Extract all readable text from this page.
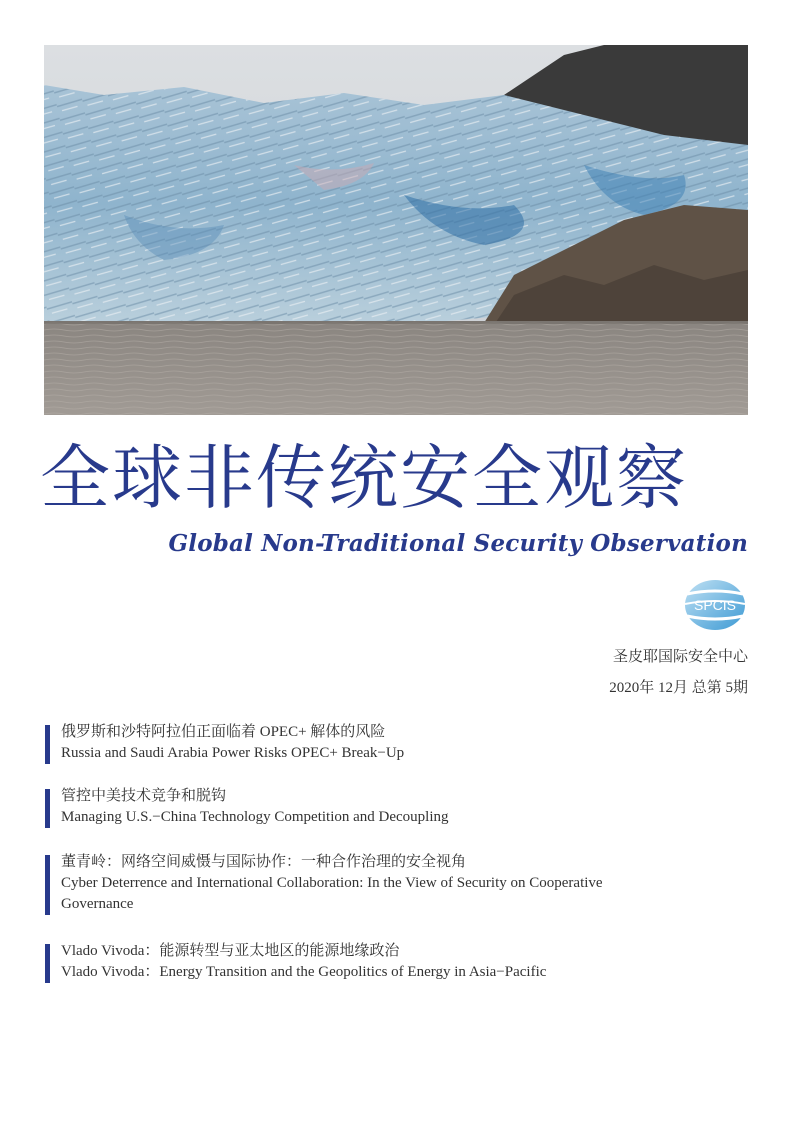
全球非传统安全观察
Global Non-Traditional Security Observation
SPCIS
圣皮耶国际安全中心
2020年 12月 总第 5期
俄罗斯和沙特阿拉伯正面临着 OPEC+ 解体的风险
Russia and Saudi Arabia Power Risks OPEC+ Break−Up
管控中美技术竞争和脱钩
Managing U.S.−China Technology Competition and Decoupling
董青岭：网络空间威慑与国际协作：一种合作治理的安全视角
Cyber Deterrence and International Collaboration: In the View of Security on Cooperative Governance
Vlado Vivoda：能源转型与亚太地区的能源地缘政治
Vlado Vivoda：Energy Transition and the Geopolitics of Energy in Asia−Pacific
